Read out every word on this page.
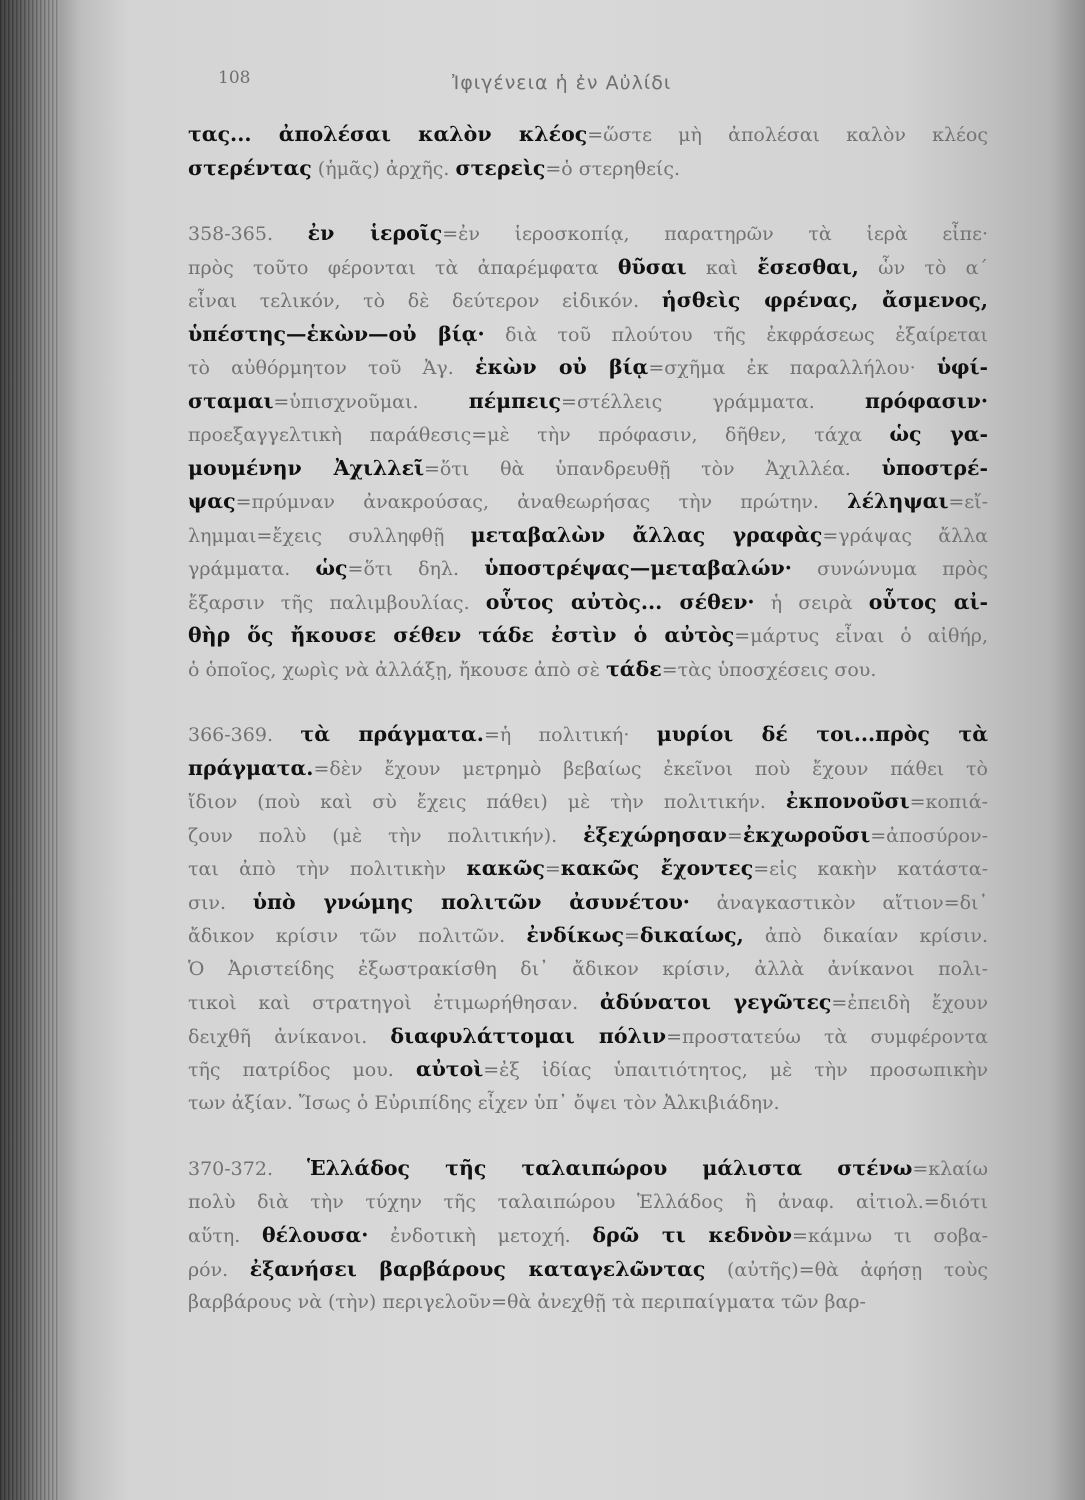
108	Ἰφιγένεια ἡ ἐν Αὐλίδι
τας... ἀπολέσαι καλὸν κλέος=ὥστε μὴ ἀπολέσαι καλὸν κλέος
στερέντας (ἡμᾶς) ἀρχῆς. στερεὶς=ὁ στερηθείς.
358-365. ἐν ἱεροῖς=ἐν ἱεροσκοπίᾳ, παρατηρῶν τὰ ἱερὰ εἶπε·
πρὸς τοῦτο φέρονται τὰ ἀπαρέμφατα θῦσαι καὶ ἔσεσθαι, ὧν τὸ α´
εἶναι τελικόν, τὸ δὲ δεύτερον εἰδικόν. ἡσθεὶς φρένας, ἄσμενος,
ὑπέστης—ἑκὼν—οὐ βίᾳ· διὰ τοῦ πλούτου τῆς ἐκφράσεως ἐξαίρεται
τὸ αὐθόρμητον τοῦ Ἀγ. ἑκὼν οὐ βίᾳ=σχῆμα ἐκ παραλλήλου· ὑφί-
σταμαι=ὑπισχνοῦμαι. πέμπεις=στέλλεις γράμματα. πρόφασιν·
προεξαγγελτικὴ παράθεσις=μὲ τὴν πρόφασιν, δῆθεν, τάχα ὡς γα-
μουμένην Ἀχιλλεῖ=ὅτι θὰ ὑπανδρευθῇ τὸν Ἀχιλλέα. ὑποστρέ-
ψας=πρύμναν ἀνακρούσας, ἀναθεωρήσας τὴν πρώτην. λέληψαι=εἴ-
λημμαι=ἔχεις συλληφθῇ μεταβαλὼν ἄλλας γραφὰς=γράψας ἄλλα
γράμματα. ὡς=ὅτι δηλ. ὑποστρέψας—μεταβαλών· συνώνυμα πρὸς
ἔξαρσιν τῆς παλιμβουλίας. οὗτος αὐτὸς... σέθεν· ἡ σειρὰ οὗτος αἰ-
θὴρ ὅς ἤκουσε σέθεν τάδε ἐστὶν ὁ αὐτὸς=μάρτυς εἶναι ὁ αἰθήρ,
ὁ ὁποῖος, χωρὶς νὰ ἀλλάξῃ, ἤκουσε ἀπὸ σὲ τάδε=τὰς ὑποσχέσεις σου.
366-369. τὰ πράγματα.=ἡ πολιτική· μυρίοι δέ τοι...πρὸς τὰ
πράγματα.=δὲν ἔχουν μετρημὸ βεβαίως ἐκεῖνοι ποὺ ἔχουν πάθει τὸ
ἴδιον (ποὺ καὶ σὺ ἔχεις πάθει) μὲ τὴν πολιτικήν. ἐκπονοῦσι=κοπιά-
ζουν πολὺ (μὲ τὴν πολιτικήν). ἐξεχώρησαν=ἐκχωροῦσι=ἀποσύρον-
ται ἀπὸ τὴν πολιτικὴν κακῶς=κακῶς ἔχοντες=εἰς κακὴν κατάστα-
σιν. ὑπὸ γνώμης πολιτῶν ἀσυνέτου· ἀναγκαστικὸν αἴτιον=δι᾿
ἄδικον κρίσιν τῶν πολιτῶν. ἐνδίκως=δικαίως, ἀπὸ δικαίαν κρίσιν.
Ὁ Ἀριστείδης ἐξωστρακίσθη δι᾿ ἄδικον κρίσιν, ἀλλὰ ἀνίκανοι πολι-
τικοὶ καὶ στρατηγοὶ ἐτιμωρήθησαν. ἀδύνατοι γεγῶτες=ἐπειδὴ ἔχουν
δειχθῆ ἀνίκανοι. διαφυλάττομαι πόλιν=προστατεύω τὰ συμφέροντα
τῆς πατρίδος μου. αὐτοὶ=ἐξ ἰδίας ὑπαιτιότητος, μὲ τὴν προσωπικὴν
των ἀξίαν. Ἴσως ὁ Εὐριπίδης εἶχεν ὑπ᾿ ὄψει τὸν Ἀλκιβιάδην.
370-372. Ἑλλάδος τῆς ταλαιπώρου μάλιστα στένω=κλαίω
πολὺ διὰ τὴν τύχην τῆς ταλαιπώρου Ἑλλάδος ἢ ἀναφ. αἰτιολ.=διότι
αὕτη. θέλουσα· ἐνδοτικὴ μετοχή. δρῶ τι κεδνὸν=κάμνω τι σοβα-
ρόν. ἐξανήσει βαρβάρους καταγελῶντας (αὐτῆς)=θὰ ἀφήσῃ τοὺς
βαρβάρους νὰ (τὴν) περιγελοῦν=θὰ ἀνεχθῇ τὰ περιπαίγματα τῶν βαρ-
